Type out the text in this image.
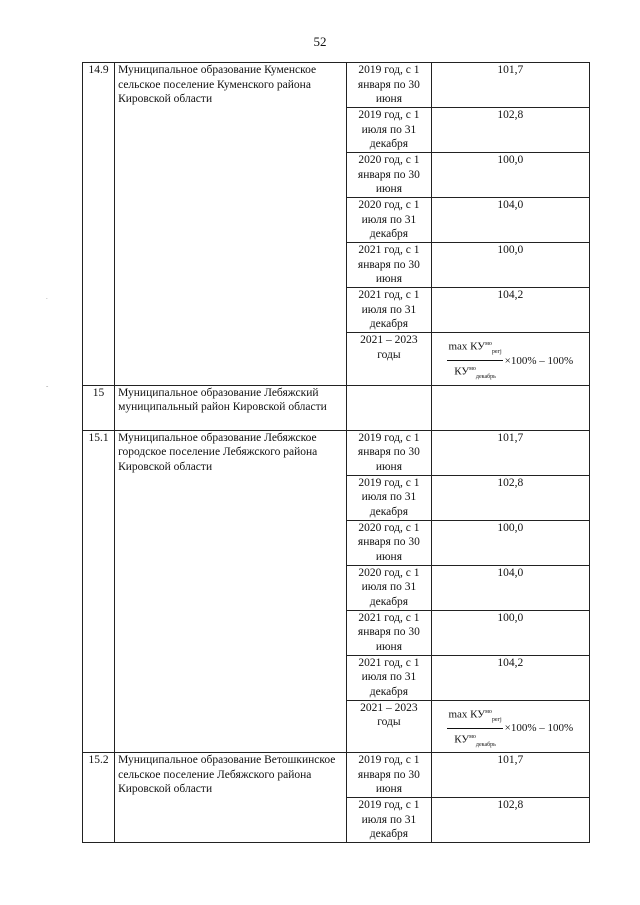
52
.
-
14.9	Муниципальное образование Куменское сельское поселение Куменского района Кировской области	2019 год, с 1 января по 30 июня	101,7
		2019 год, с 1 июля по 31 декабря	102,8
		2020 год, с 1 января по 30 июня	100,0
		2020 год, с 1 июля по 31 декабря	104,0
		2021 год, с 1 января по 30 июня	100,0
		2021 год, с 1 июля по 31 декабря	104,2
		2021 – 2023 годы	$\frac{\max КУ^{мо}_{регj}}{КУ^{мо}_{декабрь}} \times 100\% - 100\%$

15	Муниципальное образование Лебяжский муниципальный район Кировской области		
15.1	Муниципальное образование Лебяжское городское поселение Лебяжского района Кировской области	2019 год, с 1 января по 30 июня	101,7
		2019 год, с 1 июля по 31 декабря	102,8
		2020 год, с 1 января по 30 июня	100,0
		2020 год, с 1 июля по 31 декабря	104,0
		2021 год, с 1 января по 30 июня	100,0
		2021 год, с 1 июля по 31 декабря	104,2
		2021 – 2023 годы	$\frac{\max КУ^{мо}_{регj}}{КУ^{мо}_{декабрь}} \times 100\% - 100\%$

15.2	Муниципальное образование Ветошкинское сельское поселение Лебяжского района Кировской области	2019 год, с 1 января по 30 июня	101,7
		2019 год, с 1 июля по 31 декабря	102,8
